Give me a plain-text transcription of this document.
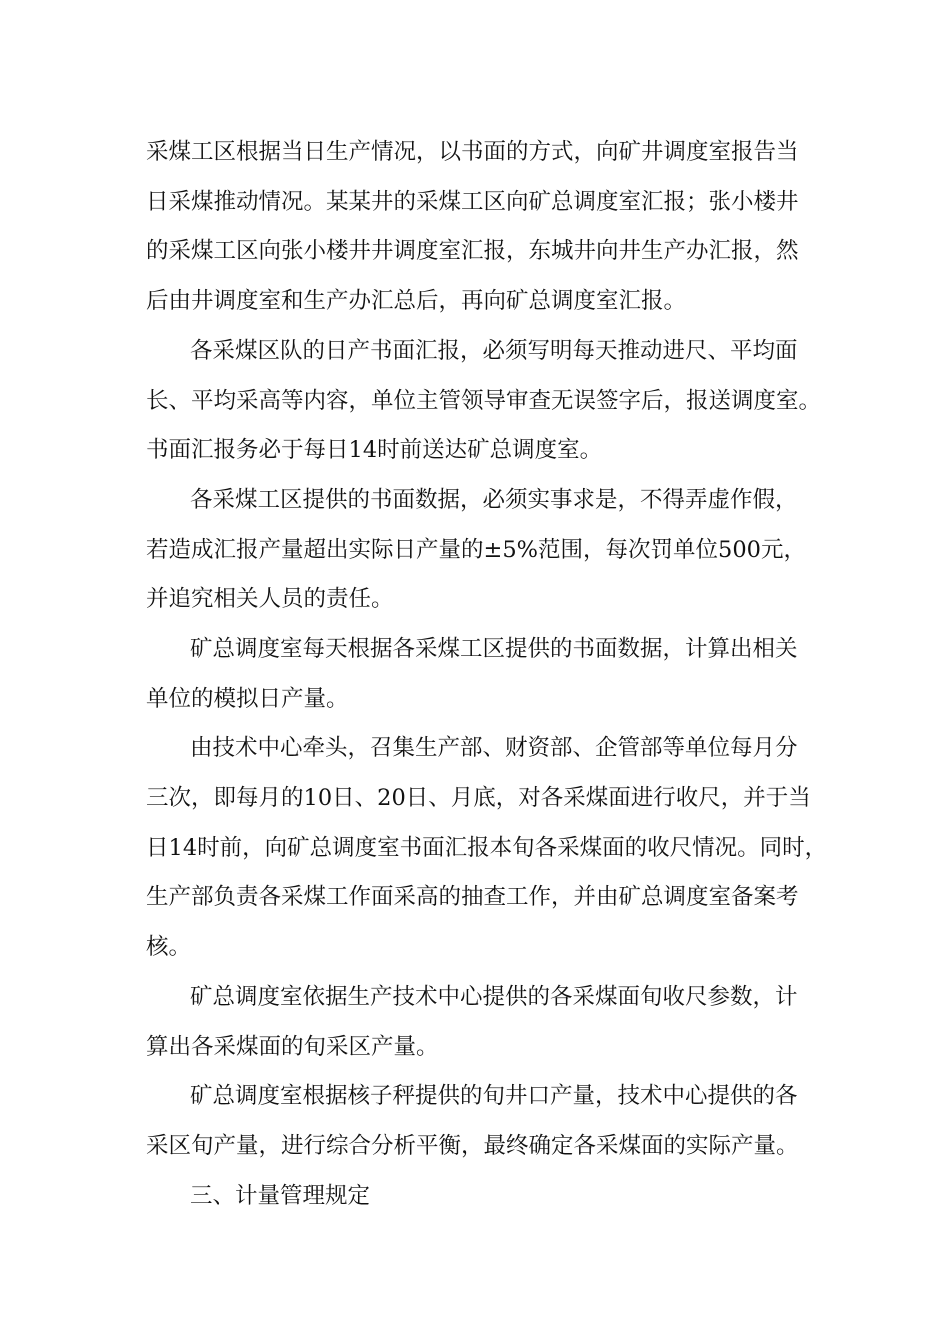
采煤工区根据当日生产情况，以书面的方式，向矿井调度室报告当
日采煤推动情况。某某井的采煤工区向矿总调度室汇报；张小楼井
的采煤工区向张小楼井井调度室汇报，东城井向井生产办汇报，然
后由井调度室和生产办汇总后，再向矿总调度室汇报。
各采煤区队的日产书面汇报，必须写明每天推动进尺、平均面
长、平均采高等内容，单位主管领导审查无误签字后，报送调度室。
书面汇报务必于每日14时前送达矿总调度室。
各采煤工区提供的书面数据，必须实事求是，不得弄虚作假，
若造成汇报产量超出实际日产量的±5%范围，每次罚单位500元，
并追究相关人员的责任。
矿总调度室每天根据各采煤工区提供的书面数据，计算出相关
单位的模拟日产量。
由技术中心牵头，召集生产部、财资部、企管部等单位每月分
三次，即每月的10日、20日、月底，对各采煤面进行收尺，并于当
日14时前，向矿总调度室书面汇报本旬各采煤面的收尺情况。同时，
生产部负责各采煤工作面采高的抽查工作，并由矿总调度室备案考
核。
矿总调度室依据生产技术中心提供的各采煤面旬收尺参数，计
算出各采煤面的旬采区产量。
矿总调度室根据核子秤提供的旬井口产量，技术中心提供的各
采区旬产量，进行综合分析平衡，最终确定各采煤面的实际产量。
三、计量管理规定
